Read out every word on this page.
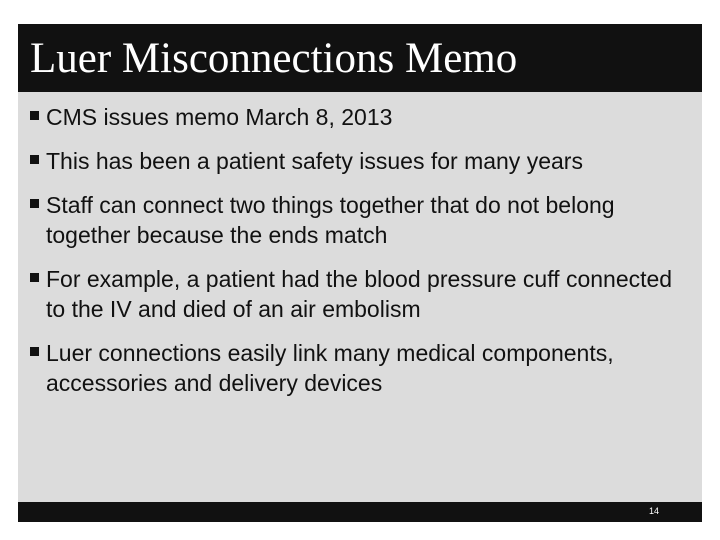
Luer Misconnections Memo
CMS issues memo March 8, 2013
This has been a patient safety issues for many years
Staff can connect two things together that do not belong together because the ends match
For example, a patient had the blood pressure cuff connected to the IV and died of an air embolism
Luer connections easily link many medical components, accessories and delivery devices
14
